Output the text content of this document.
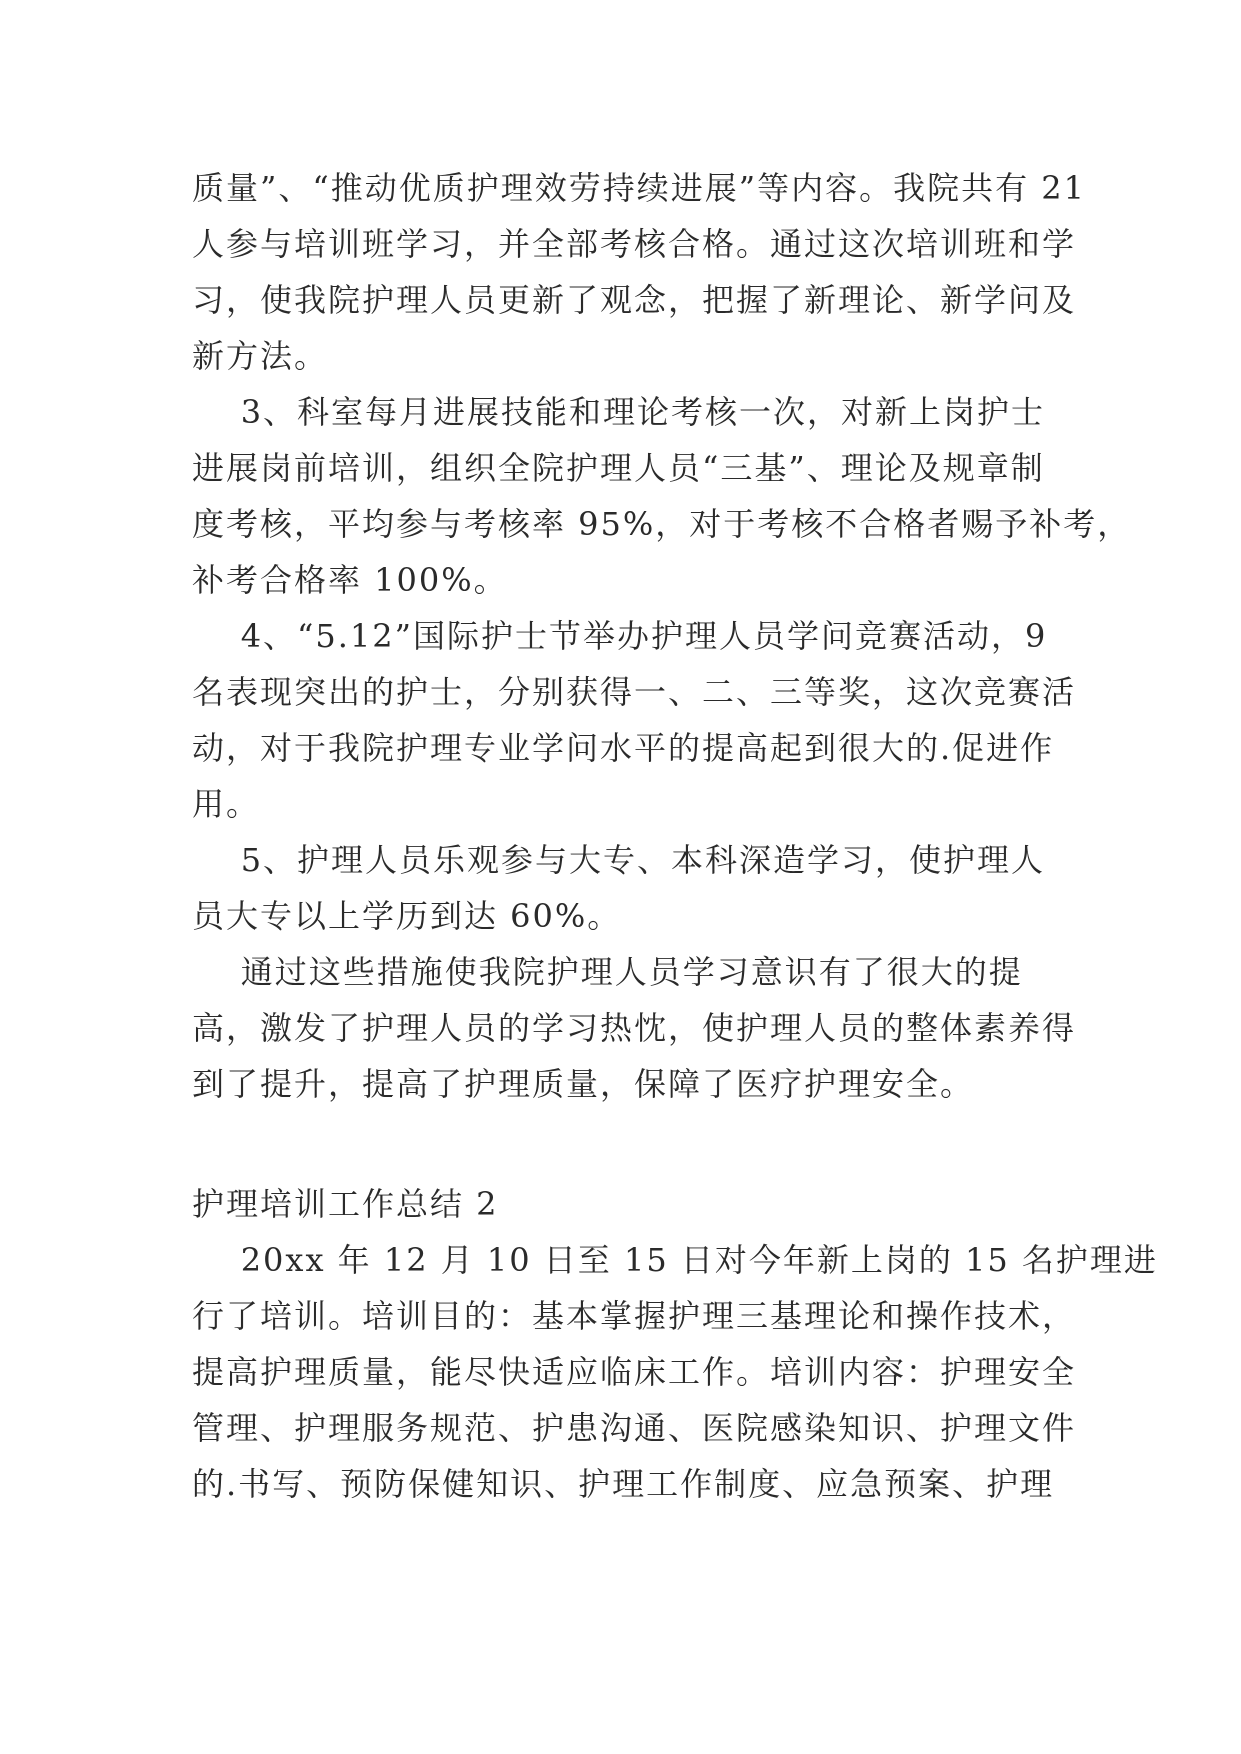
质量”、“推动优质护理效劳持续进展”等内容。我院共有 21
人参与培训班学习，并全部考核合格。通过这次培训班和学
习，使我院护理人员更新了观念，把握了新理论、新学问及
新方法。
3、科室每月进展技能和理论考核一次，对新上岗护士
进展岗前培训，组织全院护理人员“三基”、理论及规章制
度考核，平均参与考核率 95%，对于考核不合格者赐予补考，
补考合格率 100%。
4、“5.12”国际护士节举办护理人员学问竞赛活动，9
名表现突出的护士，分别获得一、二、三等奖，这次竞赛活
动，对于我院护理专业学问水平的提高起到很大的.促进作
用。
5、护理人员乐观参与大专、本科深造学习，使护理人
员大专以上学历到达 60%。
通过这些措施使我院护理人员学习意识有了很大的提
高，激发了护理人员的学习热忱，使护理人员的整体素养得
到了提升，提高了护理质量，保障了医疗护理安全。
护理培训工作总结 2
20xx 年 12 月 10 日至 15 日对今年新上岗的 15 名护理进
行了培训。培训目的：基本掌握护理三基理论和操作技术，
提高护理质量，能尽快适应临床工作。培训内容：护理安全
管理、护理服务规范、护患沟通、医院感染知识、护理文件
的.书写、预防保健知识、护理工作制度、应急预案、护理
